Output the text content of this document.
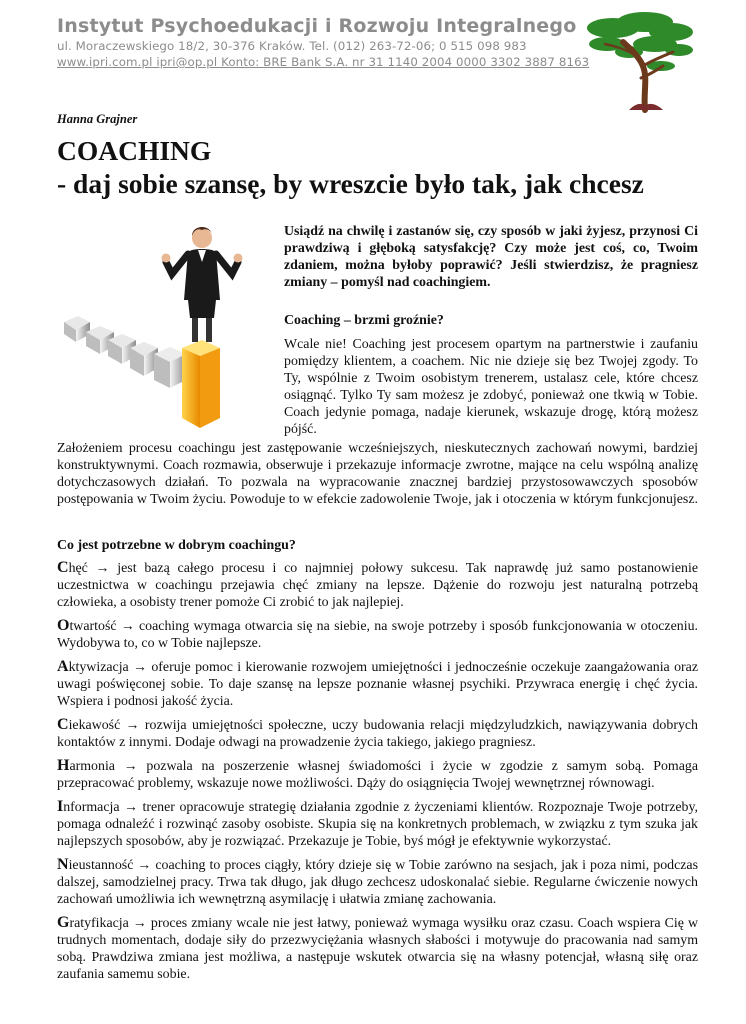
Instytut Psychoedukacji i Rozwoju Integralnego
ul. Moraczewskiego 18/2, 30-376 Kraków. Tel. (012) 263-72-06; 0 515 098 983
www.ipri.com.pl ipri@op.pl Konto: BRE Bank S.A. nr 31 1140 2004 0000 3302 3887 8163
Hanna Grajner
COACHING
- daj sobie szansę, by wreszcie było tak, jak chcesz

Usiądź na chwilę i zastanów się, czy sposób w jaki żyjesz, przynosi Ci prawdziwą i głęboką satysfakcję? Czy może jest coś, co, Twoim zdaniem, można byłoby poprawić? Jeśli stwierdzisz, że pragniesz zmiany – pomyśl nad coachingiem.

Coaching – brzmi groźnie?

Wcale nie! Coaching jest procesem opartym na partnerstwie i zaufaniu pomiędzy klientem, a coachem. Nic nie dzieje się bez Twojej zgody. To Ty, wspólnie z Twoim osobistym trenerem, ustalasz cele, które chcesz osiągnąć. Tylko Ty sam możesz je zdobyć, ponieważ one tkwią w Tobie. Coach jedynie pomaga, nadaje kierunek, wskazuje drogę, którą możesz pójść.

Założeniem procesu coachingu jest zastępowanie wcześniejszych, nieskutecznych zachowań nowymi, bardziej konstruktywnymi. Coach rozmawia, obserwuje i przekazuje informacje zwrotne, mające na celu wspólną analizę dotychczasowych działań. To pozwala na wypracowanie znacznej bardziej przystosowawczych sposobów postępowania w Twoim życiu. Powoduje to w efekcie zadowolenie Twoje, jak i otoczenia w którym funkcjonujesz.

Co jest potrzebne w dobrym coachingu?

Chęć → jest bazą całego procesu i co najmniej połowy sukcesu. Tak naprawdę już samo postanowienie uczestnictwa w coachingu przejawia chęć zmiany na lepsze. Dążenie do rozwoju jest naturalną potrzebą człowieka, a osobisty trener pomoże Ci zrobić to jak najlepiej.

Otwartość → coaching wymaga otwarcia się na siebie, na swoje potrzeby i sposób funkcjonowania w otoczeniu. Wydobywa to, co w Tobie najlepsze.

Aktywizacja → oferuje pomoc i kierowanie rozwojem umiejętności i jednocześnie oczekuje zaangażowania oraz uwagi poświęconej sobie. To daje szansę na lepsze poznanie własnej psychiki. Przywraca energię i chęć życia. Wspiera i podnosi jakość życia.

Ciekawość → rozwija umiejętności społeczne, uczy budowania relacji międzyludzkich, nawiązywania dobrych kontaktów z innymi. Dodaje odwagi na prowadzenie życia takiego, jakiego pragniesz.

Harmonia → pozwala na poszerzenie własnej świadomości i życie w zgodzie z samym sobą. Pomaga przepracować problemy, wskazuje nowe możliwości. Dąży do osiągnięcia Twojej wewnętrznej równowagi.

Informacja → trener opracowuje strategię działania zgodnie z życzeniami klientów. Rozpoznaje Twoje potrzeby, pomaga odnaleźć i rozwinąć zasoby osobiste. Skupia się na konkretnych problemach, w związku z tym szuka jak najlepszych sposobów, aby je rozwiązać. Przekazuje je Tobie, byś mógł je efektywnie wykorzystać.

Nieustanność → coaching to proces ciągły, który dzieje się w Tobie zarówno na sesjach, jak i poza nimi, podczas dalszej, samodzielnej pracy. Trwa tak długo, jak długo zechcesz udoskonalać siebie. Regularne ćwiczenie nowych zachowań umożliwia ich wewnętrzną asymilację i ułatwia zmianę zachowania.

Gratyfikacja → proces zmiany wcale nie jest łatwy, ponieważ wymaga wysiłku oraz czasu. Coach wspiera Cię w trudnych momentach, dodaje siły do przezwyciężania własnych słabości i motywuje do pracowania nad samym sobą. Prawdziwa zmiana jest możliwa, a następuje wskutek otwarcia się na własny potencjał, własną siłę oraz zaufania samemu sobie.
